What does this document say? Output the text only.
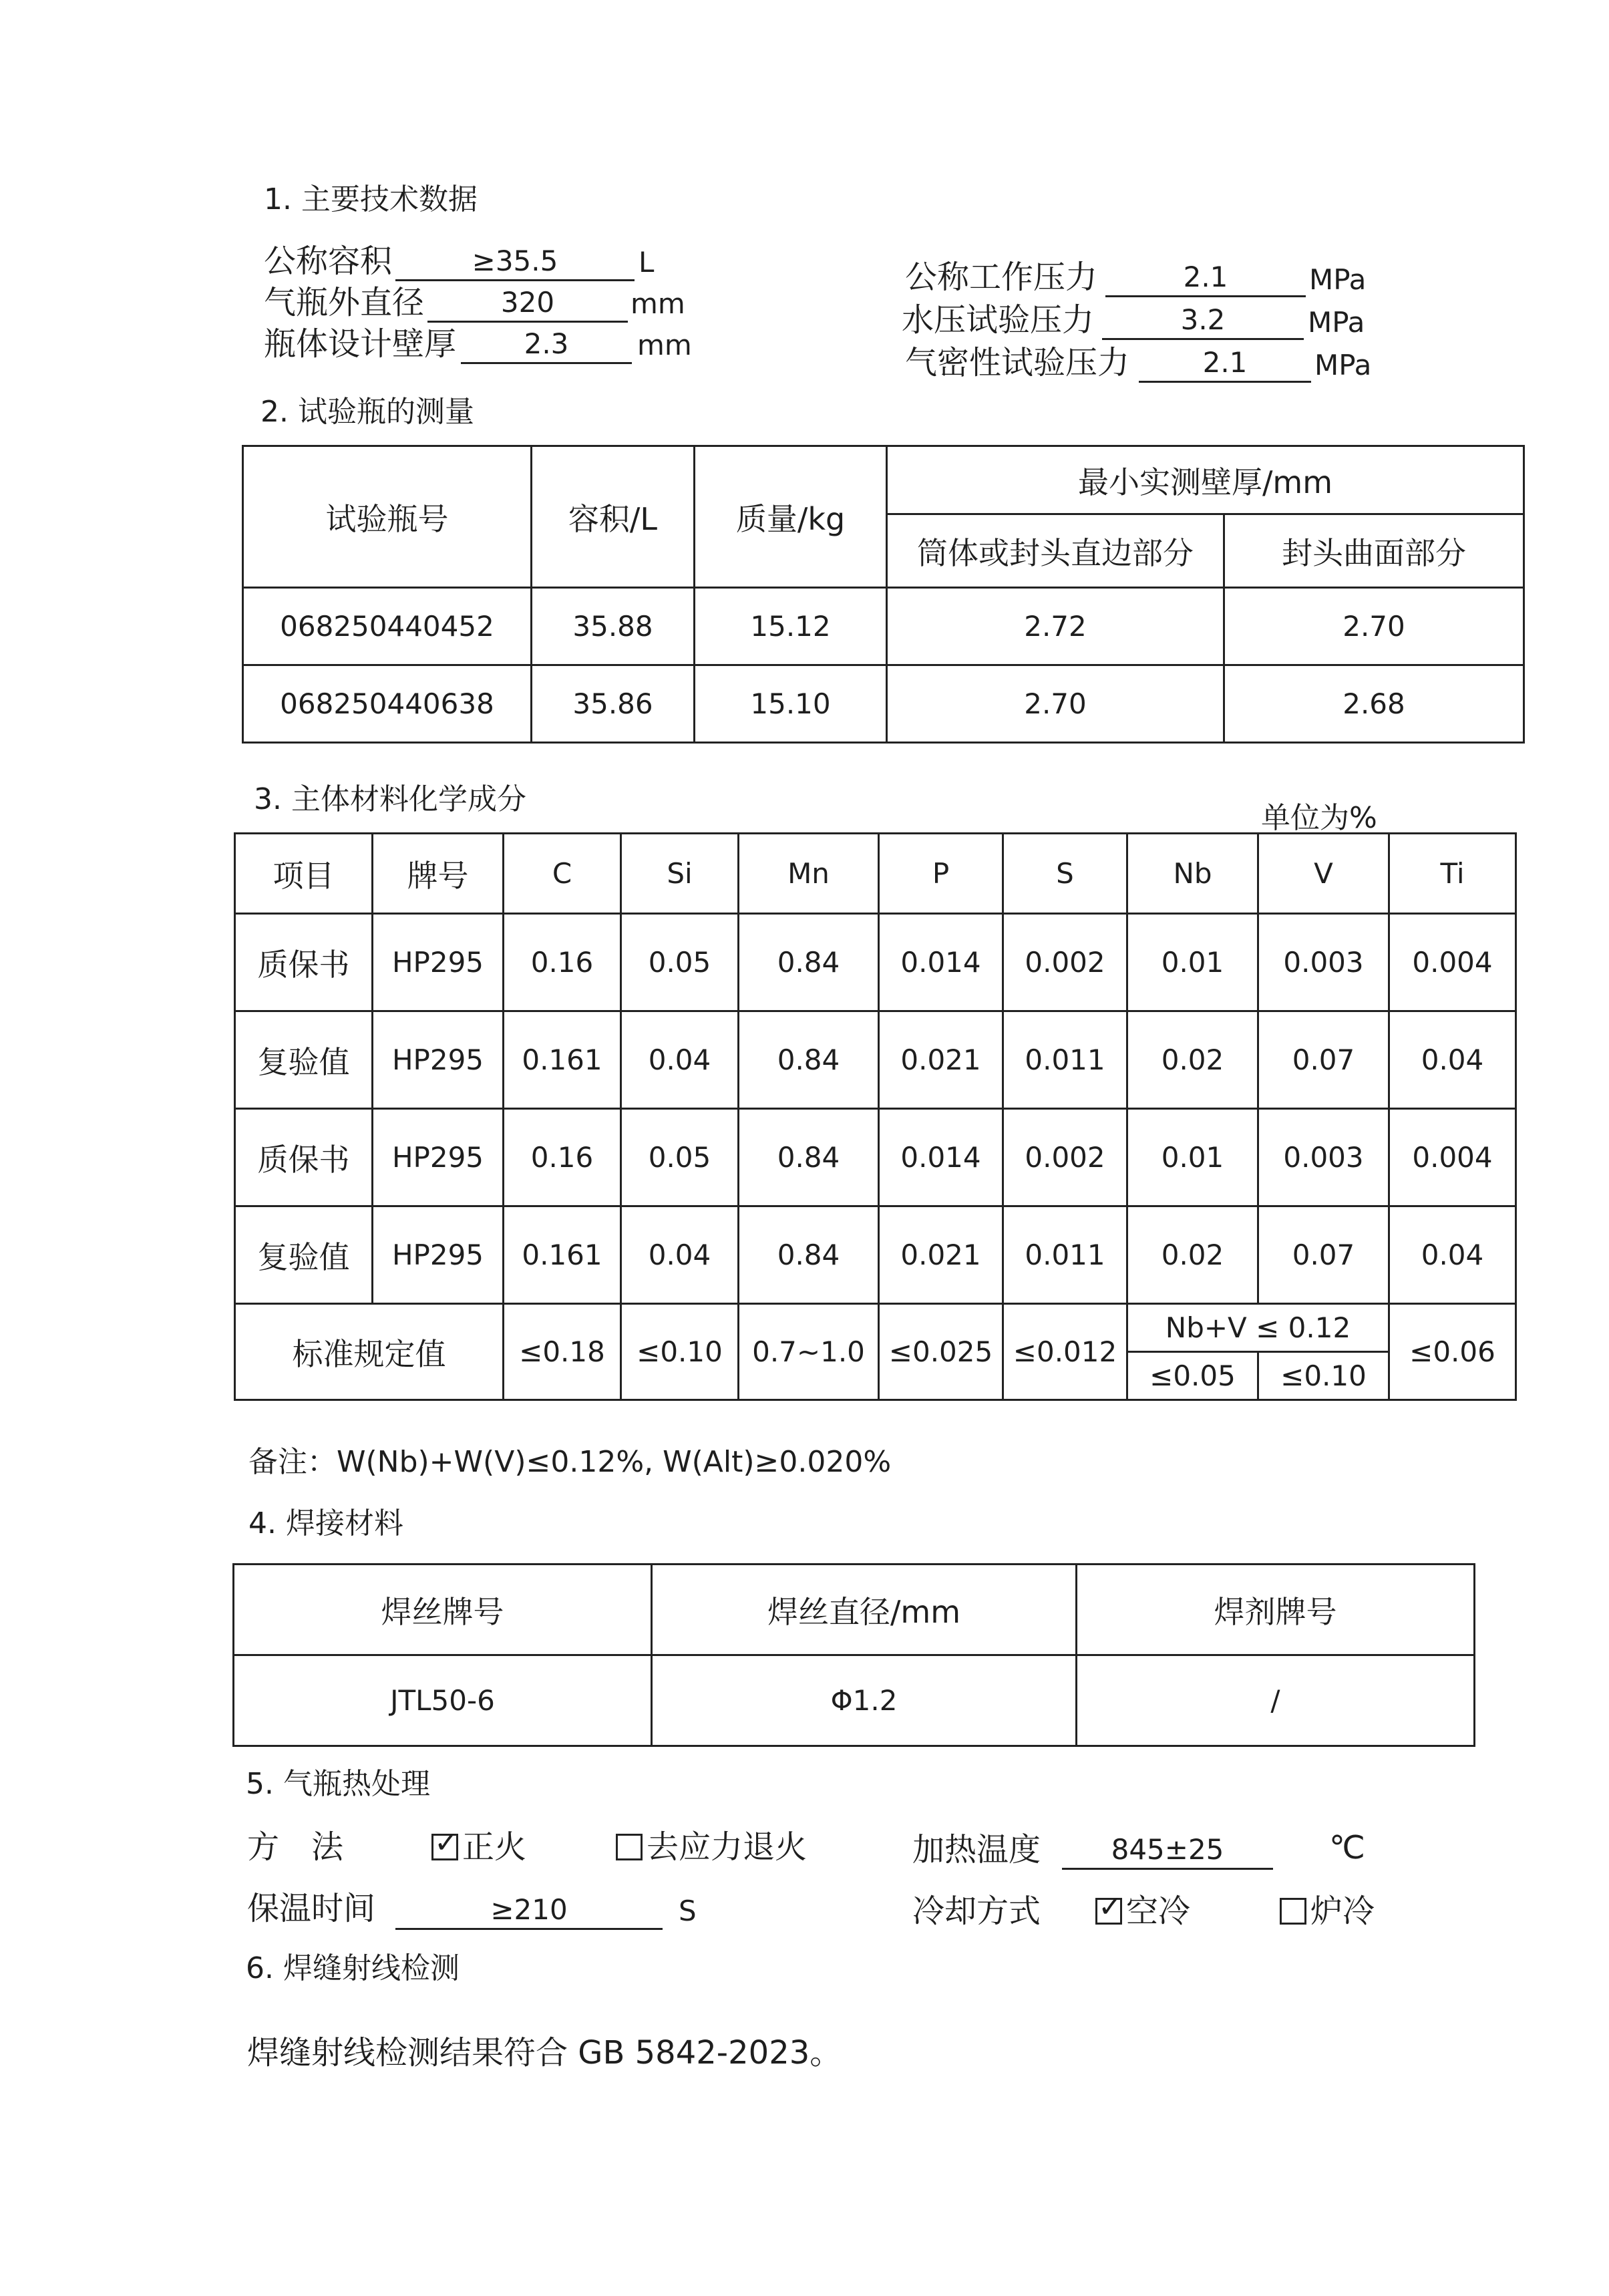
1. 主要技术数据
公称容积	≥35.5	L
气瓶外直径	320	mm
瓶体设计壁厚	2.3	mm
公称工作压力	2.1	MPa
水压试验压力	3.2	MPa
气密性试验压力	2.1	MPa
2. 试验瓶的测量
试验瓶号	容积/L	质量/kg	最小实测壁厚/mm	
			筒体或封头直边部分	封头曲面部分
068250440452	35.88	15.12	2.72	2.70
068250440638	35.86	15.10	2.70	2.68
3. 主体材料化学成分
单位为%
项目	牌号	C	Si	Mn	P	S	Nb	V	Ti
质保书	HP295	0.16	0.05	0.84	0.014	0.002	0.01	0.003	0.004
复验值	HP295	0.161	0.04	0.84	0.021	0.011	0.02	0.07	0.04
质保书	HP295	0.16	0.05	0.84	0.014	0.002	0.01	0.003	0.004
复验值	HP295	0.161	0.04	0.84	0.021	0.011	0.02	0.07	0.04
标准规定值		≤0.18	≤0.10	0.7~1.0	≤0.025	≤0.012	Nb+V ≤ 0.12		≤0.06
							≤0.05	≤0.10	
备注：W(Nb)+W(V)≤0.12%, W(Alt)≥0.020%
4. 焊接材料
焊丝牌号	焊丝直径/mm	焊剂牌号
JTL50-6	Φ1.2	/
5. 气瓶热处理
方　法 ✓	正火	去应力退火	加热温度	845±25	℃
保温时间	≥210	S	冷却方式 ✓	空冷	炉冷
6. 焊缝射线检测
焊缝射线检测结果符合 GB 5842-2023。
